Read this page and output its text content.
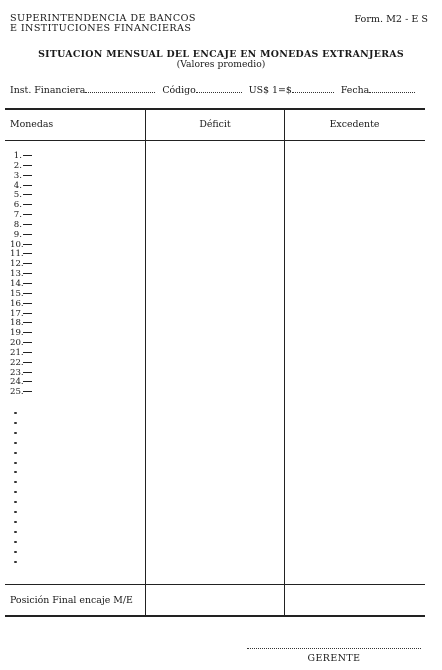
SUPERINTENDENCIA DE BANCOS
E INSTITUCIONES FINANCIERAS
Form. M2 - E S
SITUACION MENSUAL DEL ENCAJE EN MONEDAS EXTRANJERAS
(Valores promedio)
Inst. Financiera	Código	US$ 1=$	Fecha
Monedas	Déficit	Excedente
1.
2.
3.
4.
5.
6.
7.
8.
9.
10.
11.
12.
13.
14.
15.
16.
17.
18.
19.
20.
21.
22.
23.
24.
25.
Posición Final encaje M/E
GERENTE
